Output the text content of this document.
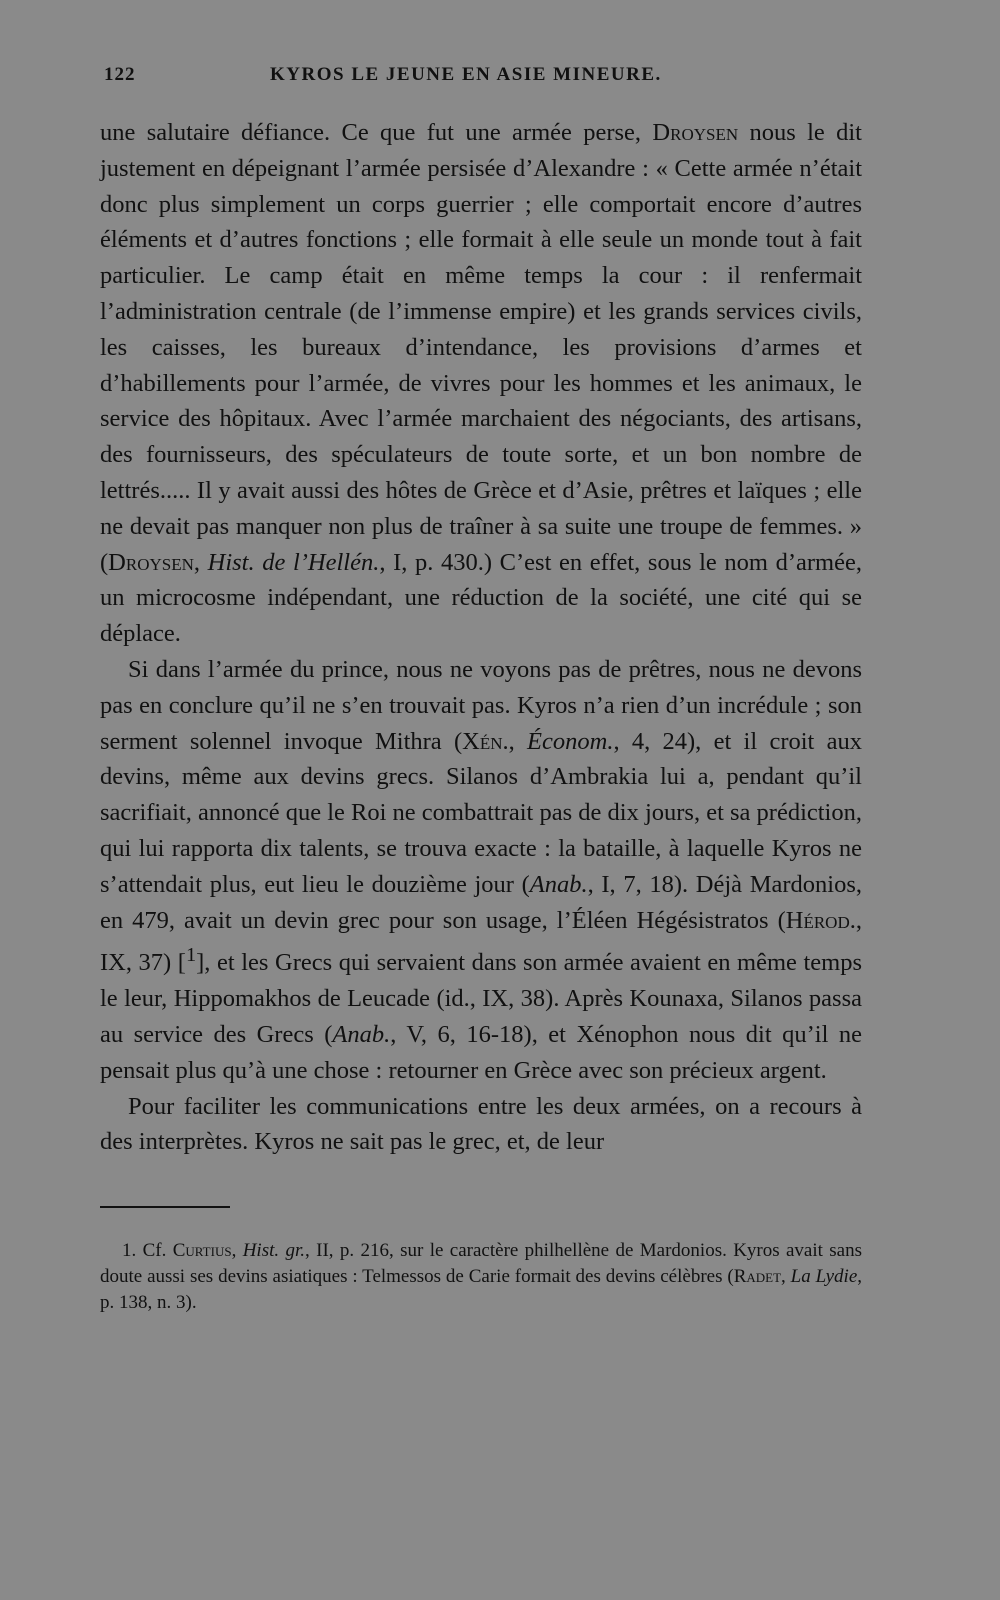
122	KYROS LE JEUNE EN ASIE MINEURE.

une salutaire défiance. Ce que fut une armée perse, Droysen nous le dit justement en dépeignant l’armée persisée d’Alexandre : « Cette armée n’était donc plus simplement un corps guerrier ; elle comportait encore d’autres éléments et d’autres fonctions ; elle formait à elle seule un monde tout à fait particulier. Le camp était en même temps la cour : il renfermait l’administration centrale (de l’immense empire) et les grands services civils, les caisses, les bureaux d’intendance, les provisions d’armes et d’habillements pour l’armée, de vivres pour les hommes et les animaux, le service des hôpitaux. Avec l’armée marchaient des négociants, des artisans, des fournisseurs, des spéculateurs de toute sorte, et un bon nombre de lettrés..... Il y avait aussi des hôtes de Grèce et d’Asie, prêtres et laïques ; elle ne devait pas manquer non plus de traîner à sa suite une troupe de femmes. » (Droysen, Hist. de l’Hellén., I, p. 430.) C’est en effet, sous le nom d’armée, un microcosme indépendant, une réduction de la société, une cité qui se déplace.

Si dans l’armée du prince, nous ne voyons pas de prêtres, nous ne devons pas en conclure qu’il ne s’en trouvait pas. Kyros n’a rien d’un incrédule ; son serment solennel invoque Mithra (Xén., Économ., 4, 24), et il croit aux devins, même aux devins grecs. Silanos d’Ambrakia lui a, pendant qu’il sacrifiait, annoncé que le Roi ne combattrait pas de dix jours, et sa prédiction, qui lui rapporta dix talents, se trouva exacte : la bataille, à laquelle Kyros ne s’attendait plus, eut lieu le douzième jour (Anab., I, 7, 18). Déjà Mardonios, en 479, avait un devin grec pour son usage, l’Éléen Hégésistratos (Hérod., IX, 37) [$^1$], et les Grecs qui servaient dans son armée avaient en même temps le leur, Hippomakhos de Leucade (id., IX, 38). Après Kounaxa, Silanos passa au service des Grecs (Anab., V, 6, 16-18), et Xénophon nous dit qu’il ne pensait plus qu’à une chose : retourner en Grèce avec son précieux argent.

Pour faciliter les communications entre les deux armées, on a recours à des interprètes. Kyros ne sait pas le grec, et, de leur

1. Cf. Curtius, Hist. gr., II, p. 216, sur le caractère philhellène de Mardonios. Kyros avait sans doute aussi ses devins asiatiques : Telmessos de Carie formait des devins célèbres (Radet, La Lydie, p. 138, n. 3).
